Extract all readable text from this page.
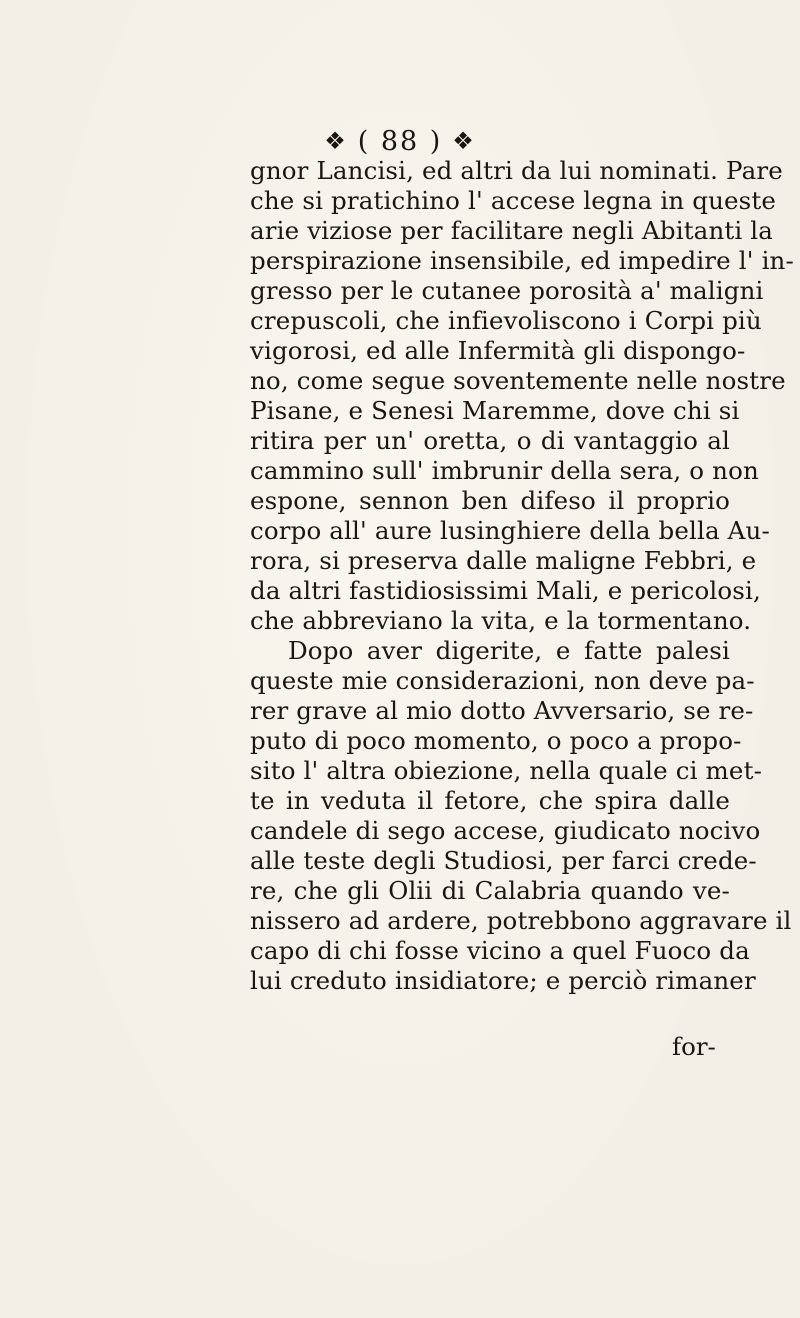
❖ ( 88 ) ❖
gnor Lancisi, ed altri da lui nominati. Pare
che si pratichino l' accese legna in queste
arie viziose per facilitare negli Abitanti la
perspirazione insensibile, ed impedire l' in-
gresso per le cutanee porosità a' maligni
crepuscoli, che infievoliscono i Corpi più
vigorosi, ed alle Infermità gli dispongo-
no, come segue soventemente nelle nostre
Pisane, e Senesi Maremme, dove chi si
ritira per un' oretta, o di vantaggio al
cammino sull' imbrunir della sera, o non
espone, sennon ben difeso il proprio
corpo all' aure lusinghiere della bella Au-
rora, si preserva dalle maligne Febbri, e
da altri fastidiosissimi Mali, e pericolosi,
che abbreviano la vita, e la tormentano.
Dopo aver digerite, e fatte palesi
queste mie considerazioni, non deve pa-
rer grave al mio dotto Avversario, se re-
puto di poco momento, o poco a propo-
sito l' altra obiezione, nella quale ci met-
te in veduta il fetore, che spira dalle
candele di sego accese, giudicato nocivo
alle teste degli Studiosi, per farci crede-
re, che gli Olii di Calabria quando ve-
nissero ad ardere, potrebbono aggravare il
capo di chi fosse vicino a quel Fuoco da
lui creduto insidiatore; e perciò rimaner
for-
